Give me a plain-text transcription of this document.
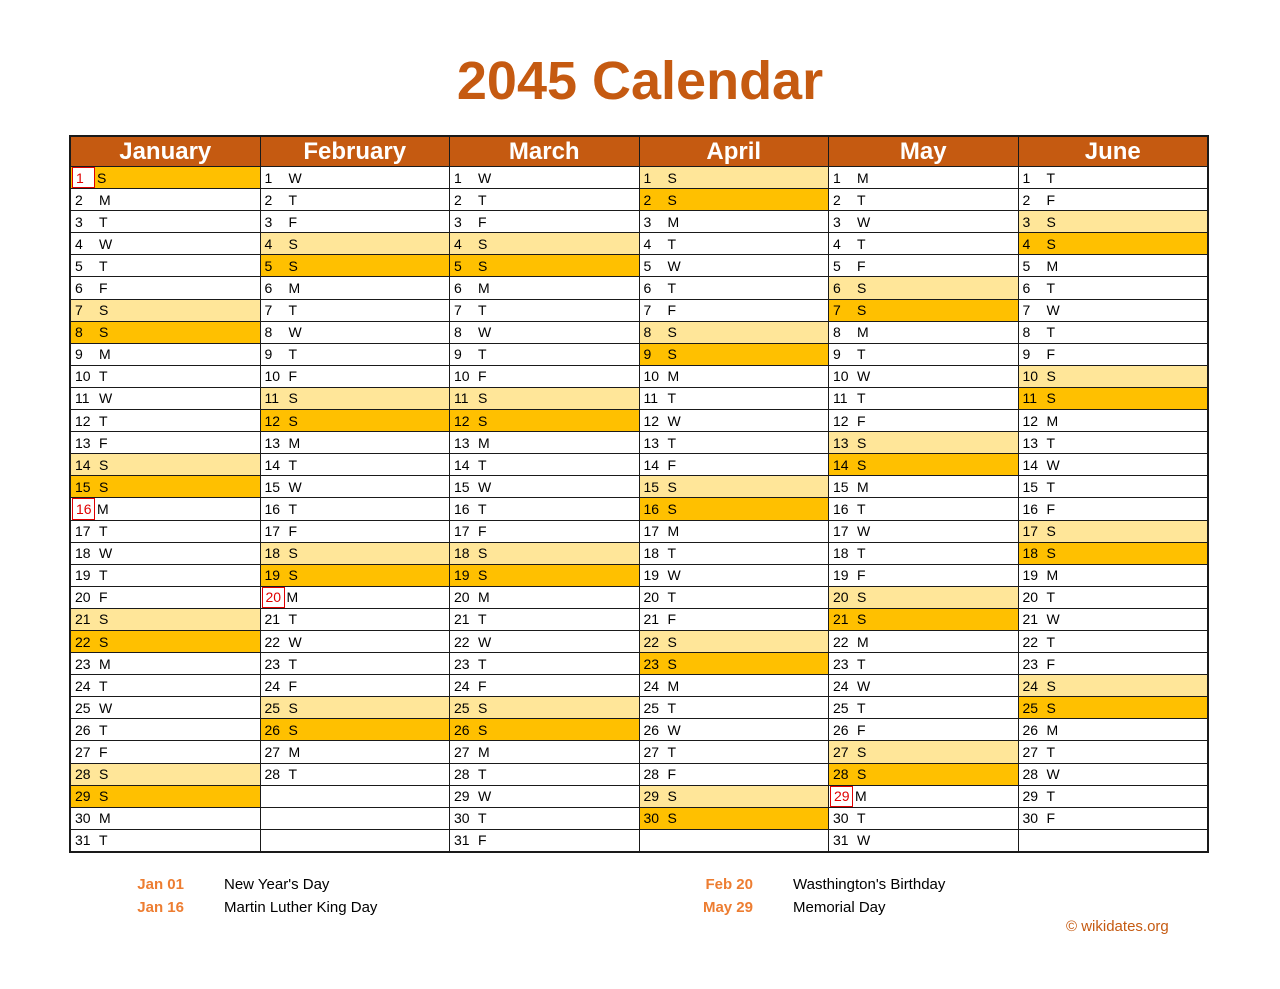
2045 Calendar
January
1 S
2	M
3	T
4	W
5	T
6	F
7	S
8	S
9	M
10 T
11 W
12 T
13 F
14 S
15 S
16 M
17 T
18 W
19 T
20 F
21 S
22 S
23 M
24 T
25 W
26 T
27 F
28 S
29 S
30 M
31 T
February
1	W
2	T
3	F
4	S
5	S
6	M
7	T
8	W
9	T
10 F
11 S
12 S
13 M
14 T
15 W
16 T
17 F
18 S
19 S
20 M
21 T
22 W
23 T
24 F
25 S
26 S
27 M
28 T
March
1	W
2	T
3	F
4	S
5	S
6	M
7	T
8	W
9	T
10 F
11 S
12 S
13 M
14 T
15 W
16 T
17 F
18 S
19 S
20 M
21 T
22 W
23 T
24 F
25 S
26 S
27 M
28 T
29 W
30 T
31 F
April
1	S
2	S
3	M
4	T
5	W
6	T
7	F
8	S
9	S
10 M
11 T
12 W
13 T
14 F
15 S
16 S
17 M
18 T
19 W
20 T
21 F
22 S
23 S
24 M
25 T
26 W
27 T
28 F
29 S
30 S
May
1	M
2	T
3	W
4	T
5	F
6	S
7	S
8	M
9	T
10 W
11 T
12 F
13 S
14 S
15 M
16 T
17 W
18 T
19 F
20 S
21 S
22 M
23 T
24 W
25 T
26 F
27 S
28 S
29 M
30 T
31 W
June
1	T
2	F
3	S
4	S
5	M
6	T
7	W
8	T
9	F
10 S
11 S
12 M
13 T
14 W
15 T
16 F
17 S
18 S
19 M
20 T
21 W
22 T
23 F
24 S
25 S
26 M
27 T
28 W
29 T
30 F
Jan 01	New Year's Day
Jan 16	Martin Luther King Day
Feb 20	Wasthington's Birthday
May 29	Memorial Day
© wikidates.org
